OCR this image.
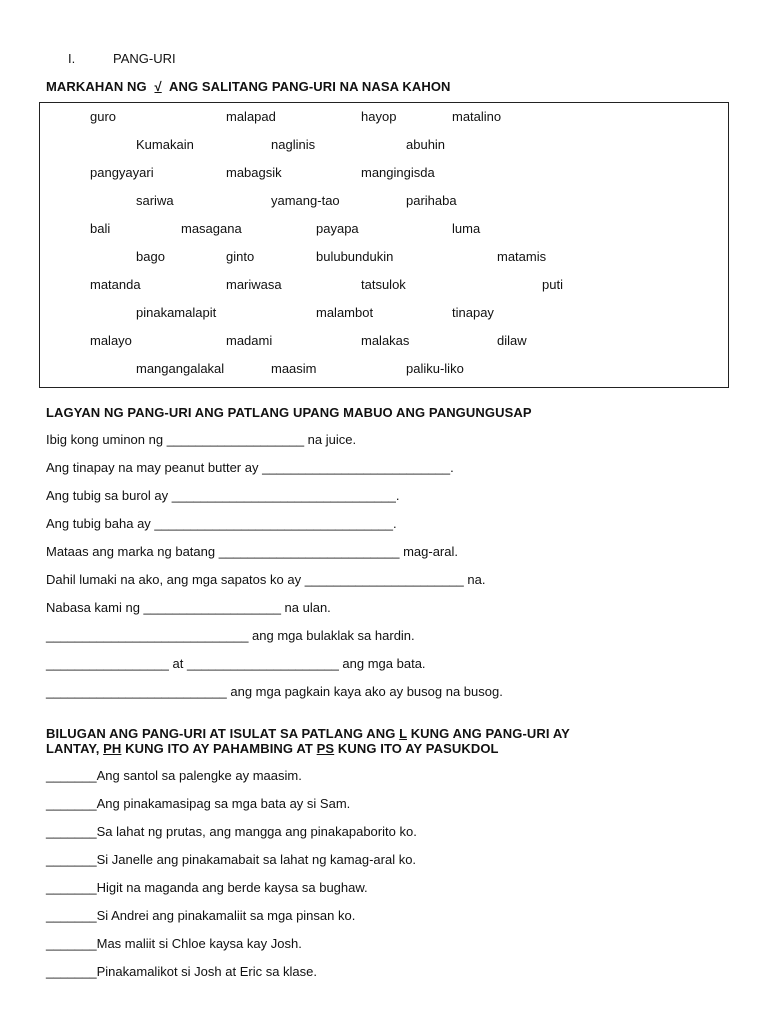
I.	PANG-URI
MARKAHAN NG √ ANG SALITANG PANG-URI NA NASA KAHON
guro	malapad	hayop	matalino
Kumakain	naglinis	abuhin
pangyayari	mabagsik	mangingisda
sariwa	yamang-tao	parihaba
bali	masagana	payapa	luma
bago	ginto	bulubundukin	matamis
matanda	mariwasa	tatsulok	puti
pinakamalapit	malambot	tinapay
malayo	madami	malakas	dilaw
mangangalakal	maasim	paliku-liko
LAGYAN NG PANG-URI ANG PATLANG UPANG MABUO ANG PANGUNGUSAP
Ibig kong uminon ng ___________________ na juice.
Ang tinapay na may peanut butter ay __________________________.
Ang tubig sa burol ay _______________________________.
Ang tubig baha ay _________________________________.
Mataas ang marka ng batang _________________________ mag-aral.
Dahil lumaki na ako, ang mga sapatos ko ay ______________________ na.
Nabasa kami ng ___________________ na ulan.
____________________________ ang mga bulaklak sa hardin.
_________________ at _____________________ ang mga bata.
_________________________ ang mga pagkain kaya ako ay busog na busog.
BILUGAN ANG PANG-URI AT ISULAT SA PATLANG ANG L KUNG ANG PANG-URI AY
LANTAY, PH KUNG ITO AY PAHAMBING AT PS KUNG ITO AY PASUKDOL
_______Ang santol sa palengke ay maasim.
_______Ang pinakamasipag sa mga bata ay si Sam.
_______Sa lahat ng prutas, ang mangga ang pinakapaborito ko.
_______Si Janelle ang pinakamabait sa lahat ng kamag-aral ko.
_______Higit na maganda ang berde kaysa sa bughaw.
_______Si Andrei ang pinakamaliit sa mga pinsan ko.
_______Mas maliit si Chloe kaysa kay Josh.
_______Pinakamalikot si Josh at Eric sa klase.
